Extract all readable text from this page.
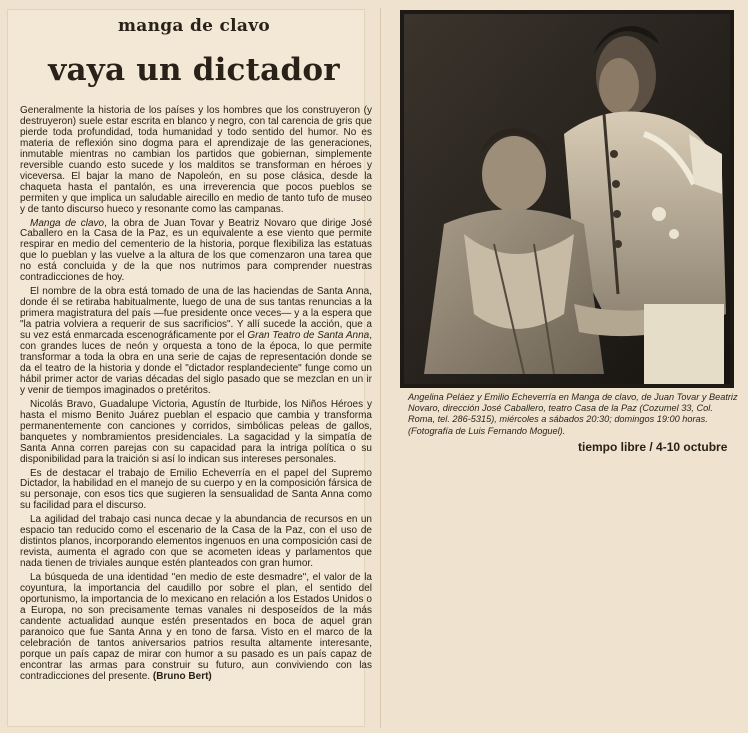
manga de clavo
vaya un dictador

Generalmente la historia de los países y los hombres que los construyeron (y destruyeron) suele estar escrita en blanco y negro, con tal carencia de gris que pierde toda profundidad, toda humanidad y todo sentido del humor. No es materia de reflexión sino dogma para el aprendizaje de las generaciones, inmutable mientras no cambian los partidos que gobiernan, simplemente reversible cuando esto sucede y los malditos se transforman en héroes y viceversa. El bajar la mano de Napoleón, en su pose clásica, desde la chaqueta hasta el pantalón, es una irreverencia que pocos pueblos se permiten y que implica un saludable airecillo en medio de tanto tufo de museo y de tanto discurso hueco y resonante como las campanas.

Manga de clavo, la obra de Juan Tovar y Beatriz Novaro que dirige José Caballero en la Casa de la Paz, es un equivalente a ese viento que permite respirar en medio del cementerio de la historia, porque flexibiliza las estatuas que lo pueblan y las vuelve a la altura de los que comenzaron una tarea que no está concluida y de la que nos nutrimos para comprender nuestras contradicciones de hoy.

El nombre de la obra está tomado de una de las haciendas de Santa Anna, donde él se retiraba habitualmente, luego de una de sus tantas renuncias a la primera magistratura del país —fue presidente once veces— y a la espera que "la patria volviera a requerir de sus sacrificios". Y allí sucede la acción, que a su vez está enmarcada escenográficamente por el Gran Teatro de Santa Anna, con grandes luces de neón y orquesta a tono de la época, lo que permite transformar a toda la obra en una serie de cajas de representación donde se da el teatro de la historia y donde el "dictador resplandeciente" funge como un hábil primer actor de varias décadas del siglo pasado que se mezclan en un ir y venir de tiempos imaginados o pretéritos.

Nicolás Bravo, Guadalupe Victoria, Agustín de Iturbide, los Niños Héroes y hasta el mismo Benito Juárez pueblan el espacio que cambia y transforma permanentemente con canciones y corridos, simbólicas peleas de gallos, banquetes y nombramientos presidenciales. La sagacidad y la simpatía de Santa Anna corren parejas con su capacidad para la intriga política o su disponibilidad para la traición si así lo indican sus intereses personales.

Es de destacar el trabajo de Emilio Echeverría en el papel del Supremo Dictador, la habilidad en el manejo de su cuerpo y en la composición fársica de su personaje, con esos tics que sugieren la sensualidad de Santa Anna como su facilidad para el discurso.

La agilidad del trabajo casi nunca decae y la abundancia de recursos en un espacio tan reducido como el escenario de la Casa de la Paz, con el uso de distintos planos, incorporando elementos ingenuos en una composición casi de revista, aumenta el agrado con que se acometen ideas y parlamentos que nada tienen de triviales aunque estén planteados con gran humor.

La búsqueda de una identidad "en medio de este desmadre", el valor de la coyuntura, la importancia del caudillo por sobre el plan, el sentido del oportunismo, la importancia de lo mexicano en relación a los Estados Unidos o a Europa, no son precisamente temas vanales ni desposeídos de la más candente actualidad aunque estén presentados en boca de aquel gran paranoico que fue Santa Anna y en tono de farsa. Visto en el marco de la celebración de tantos aniversarios patrios resulta altamente interesante, porque un país capaz de mirar con humor a su pasado es un país capaz de encontrar las armas para construir su futuro, aun conviviendo con las contradicciones del presente. (Bruno Bert)

Angelina Peláez y Emilio Echeverría en Manga de clavo, de Juan Tovar y Beatriz Novaro, dirección José Caballero, teatro Casa de la Paz (Cozumel 33, Col. Roma, tel. 286-5315), miércoles a sábados 20:30; domingos 19:00 horas. (Fotografía de Luis Fernando Moguel).
tiempo libre / 4-10 octubre
